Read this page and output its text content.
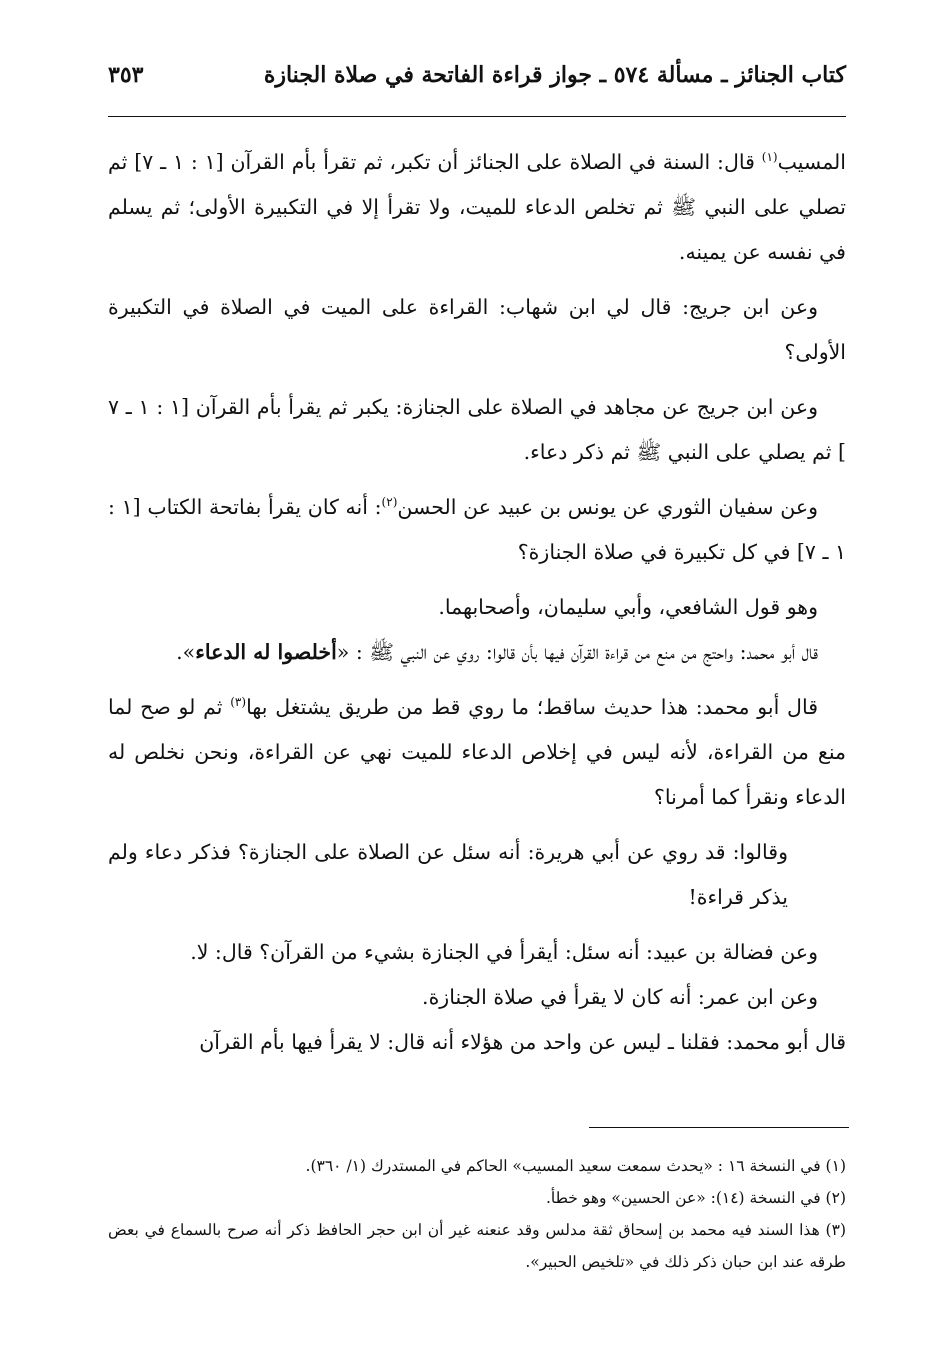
كتاب الجنائز ـ مسألة ٥٧٤ ـ جواز قراءة الفاتحة في صلاة الجنازة
٣٥٣

المسيب$^{(١)}$ قال: السنة في الصلاة على الجنائز أن تكبر، ثم تقرأ بأم القرآن [١ : ١ ـ ٧] ثم تصلي على النبي ﷺ ثم تخلص الدعاء للميت، ولا تقرأ إلا في التكبيرة الأولى؛ ثم يسلم في نفسه عن يمينه.

وعن ابن جريج: قال لي ابن شهاب: القراءة على الميت في الصلاة في التكبيرة الأولى؟

وعن ابن جريج عن مجاهد في الصلاة على الجنازة: يكبر ثم يقرأ بأم القرآن [١ : ١ ـ ٧ ] ثم يصلي على النبي ﷺ ثم ذكر دعاء.

وعن سفيان الثوري عن يونس بن عبيد عن الحسن$^{(٢)}$: أنه كان يقرأ بفاتحة الكتاب [١ : ١ ـ ٧] في كل تكبيرة في صلاة الجنازة؟

وهو قول الشافعي، وأبي سليمان، وأصحابهما.

قال أبو محمد: واحتج من منع من قراءة القرآن فيها بأن قالوا: روي عن النبي ﷺ : «أخلصوا له الدعاء».

قال أبو محمد: هذا حديث ساقط؛ ما روي قط من طريق يشتغل بها$^{(٣)}$ ثم لو صح لما منع من القراءة، لأنه ليس في إخلاص الدعاء للميت نهي عن القراءة، ونحن نخلص له الدعاء ونقرأ كما أمرنا؟

وقالوا: قد روي عن أبي هريرة: أنه سئل عن الصلاة على الجنازة؟ فذكر دعاء ولم يذكر قراءة!

وعن فضالة بن عبيد: أنه سئل: أيقرأ في الجنازة بشيء من القرآن؟ قال: لا.

وعن ابن عمر: أنه كان لا يقرأ في صلاة الجنازة.

قال أبو محمد: فقلنا ـ ليس عن واحد من هؤلاء أنه قال: لا يقرأ فيها بأم القرآن

(١) في النسخة ١٦ : «يحدث سمعت سعيد المسيب» الحاكم في المستدرك (١/ ٣٦٠).

(٢) في النسخة (١٤): «عن الحسين» وهو خطأ.

(٣) هذا السند فيه محمد بن إسحاق ثقة مدلس وقد عنعنه غير أن ابن حجر الحافظ ذكر أنه صرح بالسماع في بعض طرقه عند ابن حبان ذكر ذلك في «تلخيص الحبير».
